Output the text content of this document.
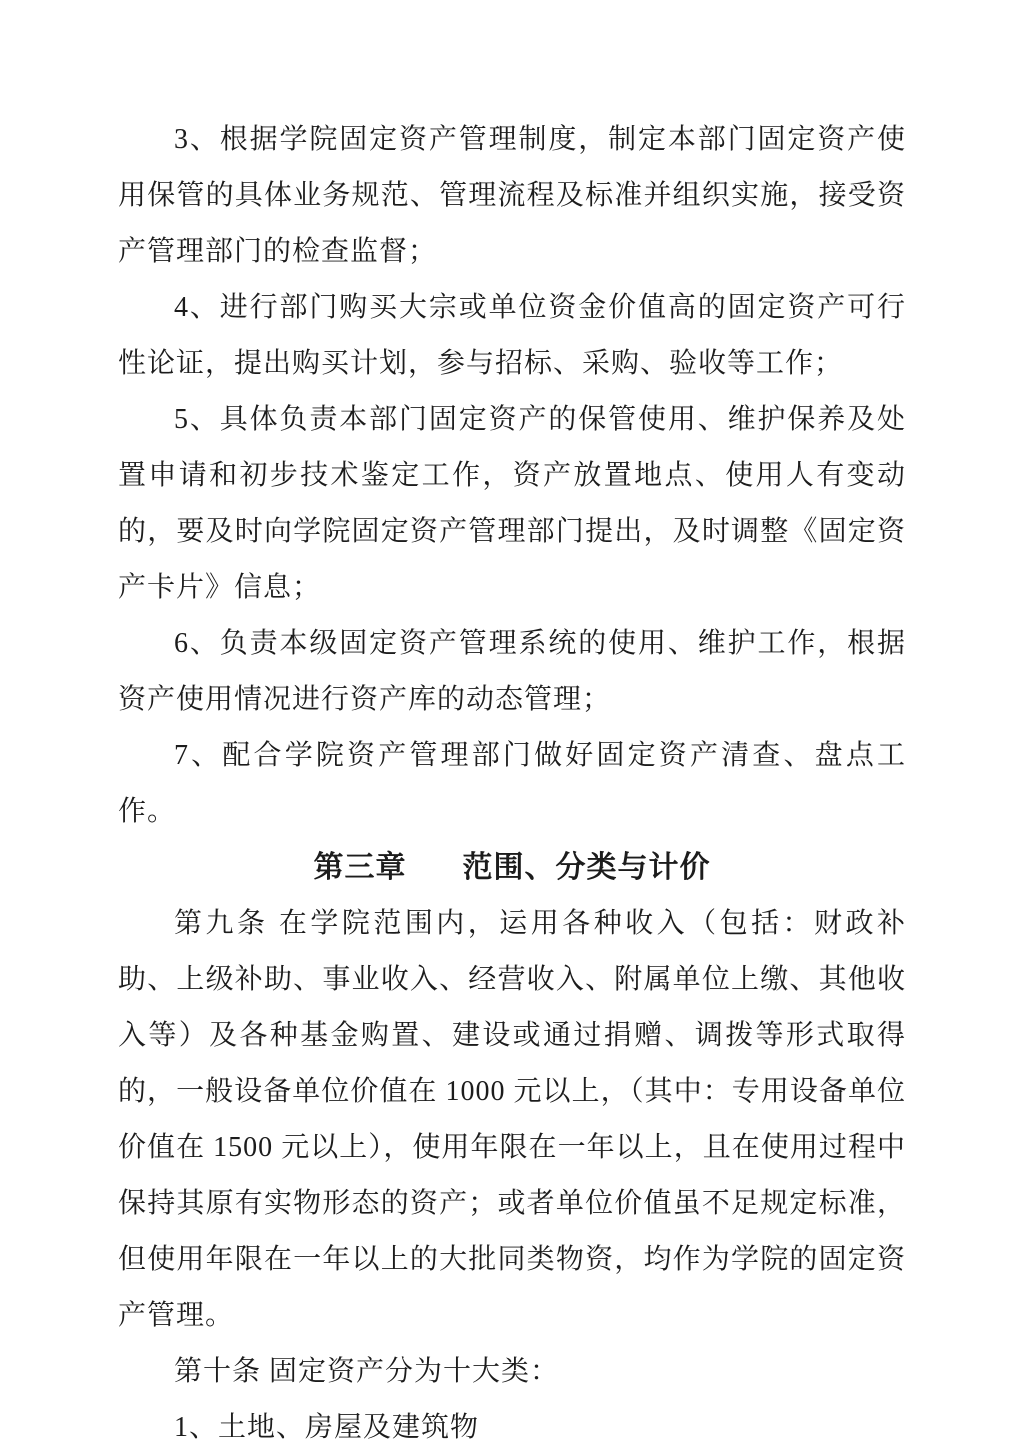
3、根据学院固定资产管理制度，制定本部门固定资产使用保管的具体业务规范、管理流程及标准并组织实施，接受资产管理部门的检查监督；

4、进行部门购买大宗或单位资金价值高的固定资产可行性论证，提出购买计划，参与招标、采购、验收等工作；

5、具体负责本部门固定资产的保管使用、维护保养及处置申请和初步技术鉴定工作，资产放置地点、使用人有变动的，要及时向学院固定资产管理部门提出，及时调整《固定资产卡片》信息；

6、负责本级固定资产管理系统的使用、维护工作，根据资产使用情况进行资产库的动态管理；

7、配合学院资产管理部门做好固定资产清查、盘点工作。

第三章 范围、分类与计价

第九条 在学院范围内，运用各种收入（包括：财政补助、上级补助、事业收入、经营收入、附属单位上缴、其他收入等）及各种基金购置、建设或通过捐赠、调拨等形式取得的，一般设备单位价值在 1000 元以上，（其中：专用设备单位价值在 1500 元以上），使用年限在一年以上，且在使用过程中保持其原有实物形态的资产；或者单位价值虽不足规定标准，但使用年限在一年以上的大批同类物资，均作为学院的固定资产管理。

第十条 固定资产分为十大类：

1、土地、房屋及建筑物
